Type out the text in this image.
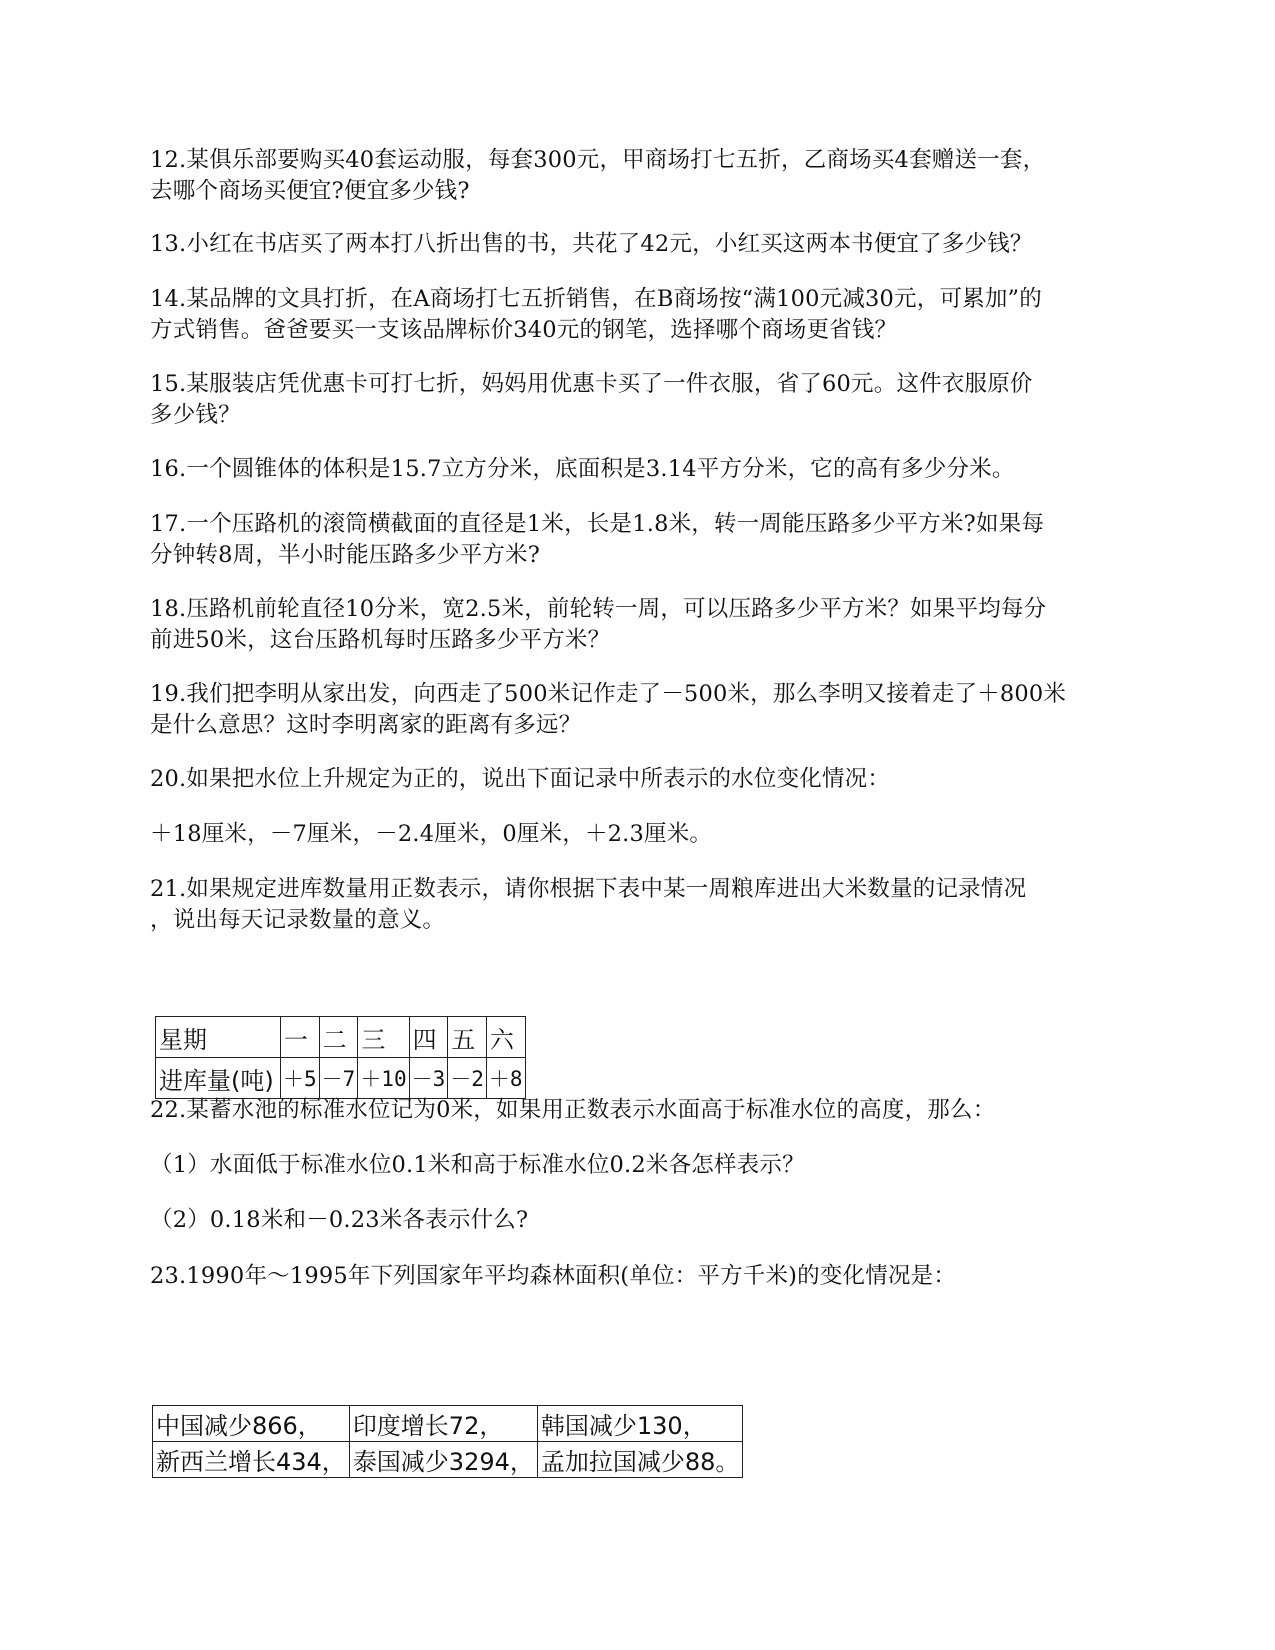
12.某俱乐部要购买40套运动服，每套300元，甲商场打七五折，乙商场买4套赠送一套，
去哪个商场买便宜?便宜多少钱?
13.小红在书店买了两本打八折出售的书，共花了42元，小红买这两本书便宜了多少钱？
14.某品牌的文具打折，在A商场打七五折销售，在B商场按“满100元减30元，可累加”的
方式销售。爸爸要买一支该品牌标价340元的钢笔，选择哪个商场更省钱？
15.某服装店凭优惠卡可打七折，妈妈用优惠卡买了一件衣服，省了60元。这件衣服原价
多少钱？
16.一个圆锥体的体积是15.7立方分米，底面积是3.14平方分米，它的高有多少分米。
17.一个压路机的滚筒横截面的直径是1米，长是1.8米，转一周能压路多少平方米?如果每
分钟转8周，半小时能压路多少平方米?
18.压路机前轮直径10分米，宽2.5米，前轮转一周，可以压路多少平方米？如果平均每分
前进50米，这台压路机每时压路多少平方米？
19.我们把李明从家出发，向西走了500米记作走了－500米，那么李明又接着走了＋800米
是什么意思？这时李明离家的距离有多远？
20.如果把水位上升规定为正的，说出下面记录中所表示的水位变化情况：
＋18厘米，－7厘米，－2.4厘米，0厘米，＋2.3厘米。
21.如果规定进库数量用正数表示，请你根据下表中某一周粮库进出大米数量的记录情况
，说出每天记录数量的意义。
星期	一	二	三	四	五	六
进库量(吨)	＋5	－7	＋10	－3	－2	＋8
22.某蓄水池的标准水位记为0米，如果用正数表示水面高于标准水位的高度，那么：
（1）水面低于标准水位0.1米和高于标准水位0.2米各怎样表示？
（2）0.18米和－0.23米各表示什么?
23.1990年～1995年下列国家年平均森林面积(单位：平方千米)的变化情况是：
中国减少866，	印度增长72，	韩国减少130，
新西兰增长434，	泰国减少3294，	孟加拉国减少88。
